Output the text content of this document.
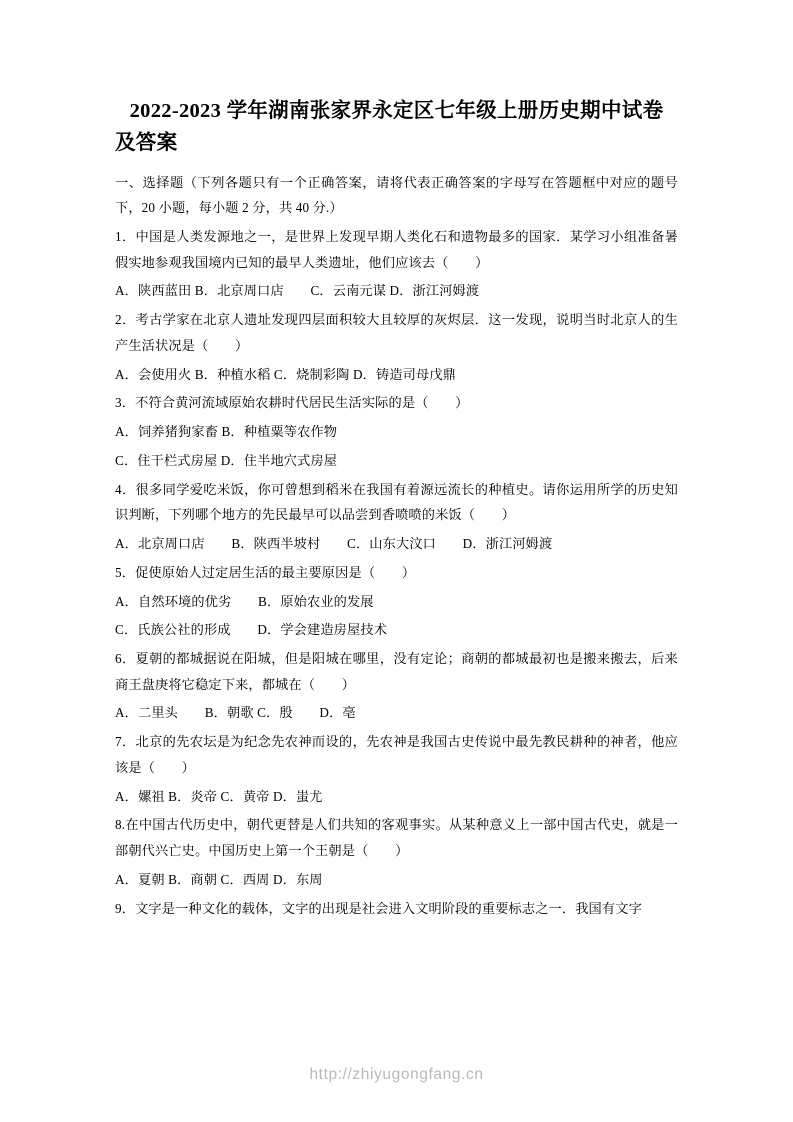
2022-2023 学年湖南张家界永定区七年级上册历史期中试卷
及答案

一、选择题（下列各题只有一个正确答案，请将代表正确答案的字母写在答题框中对应的题号下，20 小题，每小题 2 分，共 40 分.）

1．中国是人类发源地之一，是世界上发现早期人类化石和遗物最多的国家．某学习小组准备暑假实地参观我国境内已知的最早人类遗址，他们应该去（　　）

A．陕西蓝田 B．北京周口店　　C．云南元谋 D．浙江河姆渡

2．考古学家在北京人遗址发现四层面积较大且较厚的灰烬层．这一发现，说明当时北京人的生产生活状况是（　　）

A．会使用火 B．种植水稻 C．烧制彩陶 D．铸造司母戊鼎

3．不符合黄河流域原始农耕时代居民生活实际的是（　　）

A．饲养猪狗家畜 B．种植粟等农作物

C．住干栏式房屋 D．住半地穴式房屋

4．很多同学爱吃米饭，你可曾想到稻米在我国有着源远流长的种植史。请你运用所学的历史知识判断，下列哪个地方的先民最早可以品尝到香喷喷的米饭（　　）

A．北京周口店　　B．陕西半坡村　　C．山东大汶口　　D．浙江河姆渡

5．促使原始人过定居生活的最主要原因是（　　）

A．自然环境的优劣　　B．原始农业的发展

C．氏族公社的形成　　D．学会建造房屋技术

6．夏朝的都城据说在阳城，但是阳城在哪里，没有定论；商朝的都城最初也是搬来搬去，后来商王盘庚将它稳定下来，都城在（　　）

A．二里头　　B．朝歌 C．殷　　D．亳

7．北京的先农坛是为纪念先农神而设的，先农神是我国古史传说中最先教民耕种的神者，他应该是（　　）

A．嫘祖 B．炎帝 C．黄帝 D．蚩尤

8.在中国古代历史中，朝代更替是人们共知的客观事实。从某种意义上一部中国古代史，就是一部朝代兴亡史。中国历史上第一个王朝是（　　）

A．夏朝 B．商朝 C．西周 D．东周

9．文字是一种文化的载体，文字的出现是社会进入文明阶段的重要标志之一．我国有文字

http://zhiyugongfang.cn
